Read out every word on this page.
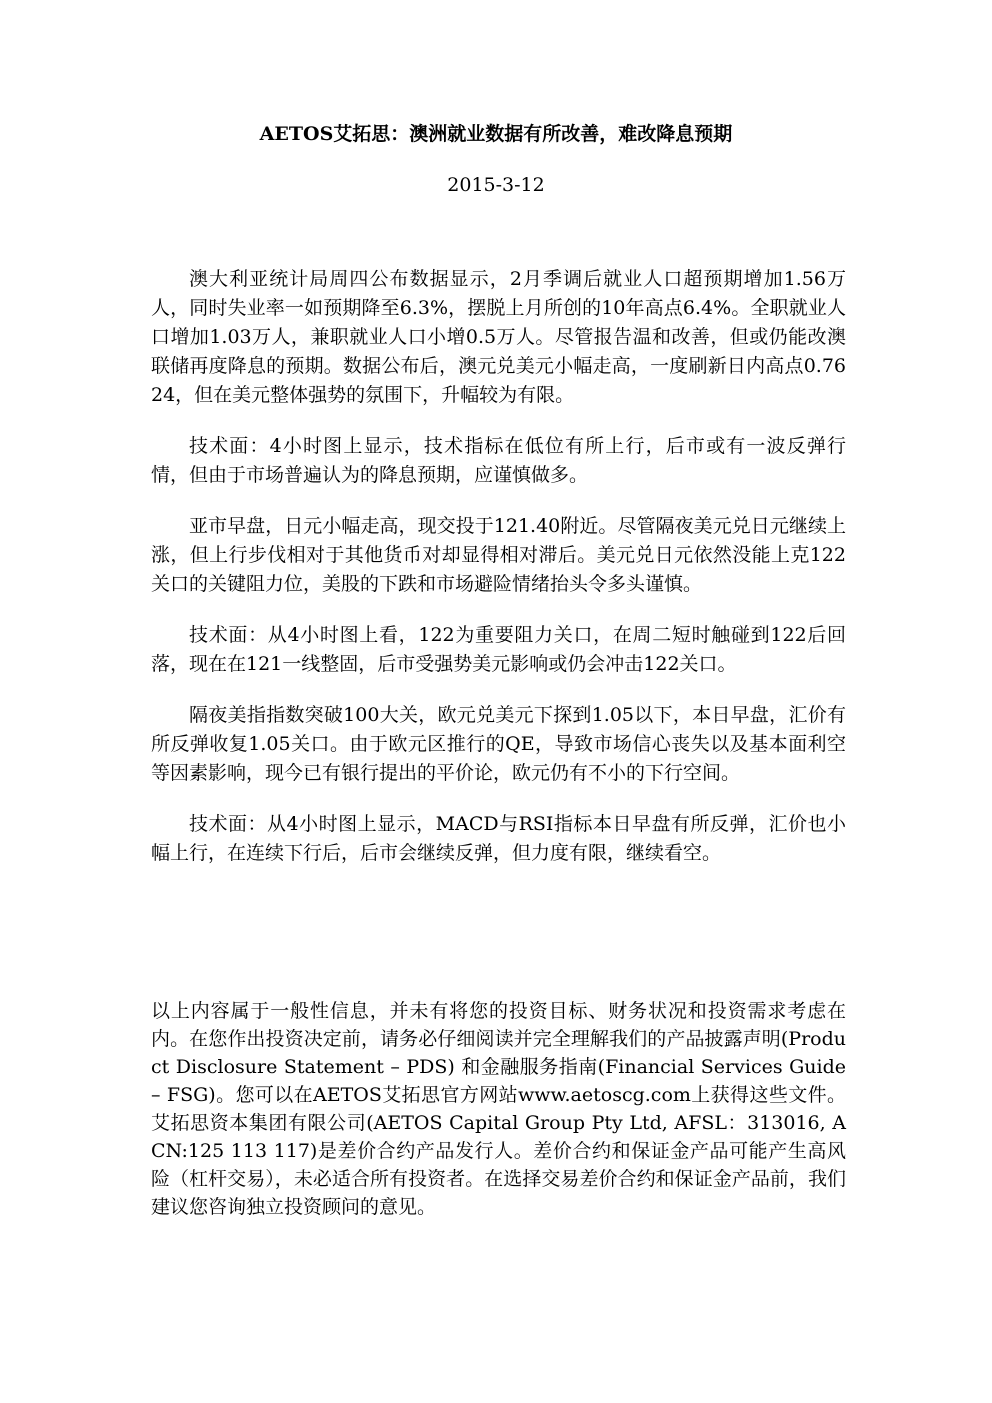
AETOS艾拓思：澳洲就业数据有所改善，难改降息预期
2015-3-12

澳大利亚统计局周四公布数据显示，2月季调后就业人口超预期增加1.56万人，同时失业率一如预期降至6.3%，摆脱上月所创的10年高点6.4%。全职就业人口增加1.03万人，兼职就业人口小增0.5万人。尽管报告温和改善，但或仍能改澳联储再度降息的预期。数据公布后，澳元兑美元小幅走高，一度刷新日内高点0.7624，但在美元整体强势的氛围下，升幅较为有限。

技术面：4小时图上显示，技术指标在低位有所上行，后市或有一波反弹行情，但由于市场普遍认为的降息预期，应谨慎做多。

亚市早盘，日元小幅走高，现交投于121.40附近。尽管隔夜美元兑日元继续上涨，但上行步伐相对于其他货币对却显得相对滞后。美元兑日元依然没能上克122关口的关键阻力位，美股的下跌和市场避险情绪抬头令多头谨慎。

技术面：从4小时图上看，122为重要阻力关口，在周二短时触碰到122后回落，现在在121一线整固，后市受强势美元影响或仍会冲击122关口。

隔夜美指指数突破100大关，欧元兑美元下探到1.05以下，本日早盘，汇价有所反弹收复1.05关口。由于欧元区推行的QE，导致市场信心丧失以及基本面利空等因素影响，现今已有银行提出的平价论，欧元仍有不小的下行空间。

技术面：从4小时图上显示，MACD与RSI指标本日早盘有所反弹，汇价也小幅上行，在连续下行后，后市会继续反弹，但力度有限，继续看空。

以上内容属于一般性信息，并未有将您的投资目标、财务状况和投资需求考虑在内。在您作出投资决定前，请务必仔细阅读并完全理解我们的产品披露声明(Product Disclosure Statement – PDS) 和金融服务指南(Financial Services Guide – FSG)。您可以在AETOS艾拓思官方网站www.aetoscg.com上获得这些文件。艾拓思资本集团有限公司(AETOS Capital Group Pty Ltd, AFSL：313016, ACN:125 113 117)是差价合约产品发行人。差价合约和保证金产品可能产生高风险（杠杆交易），未必适合所有投资者。在选择交易差价合约和保证金产品前，我们建议您咨询独立投资顾问的意见。
